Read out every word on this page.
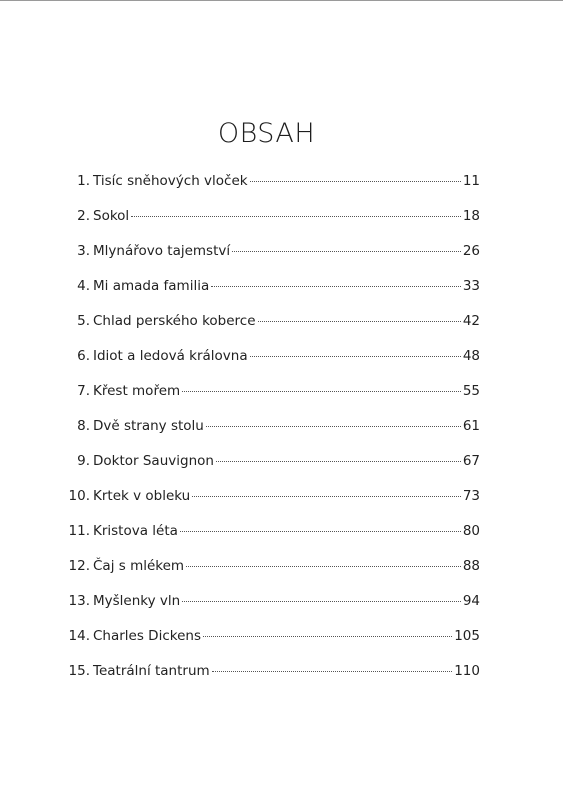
OBSAH
1. Tisíc sněhových vloček	11
2. Sokol	18
3. Mlynářovo tajemství	26
4. Mi amada familia	33
5. Chlad perského koberce	42
6. Idiot a ledová královna	48
7. Křest mořem	55
8. Dvě strany stolu	61
9. Doktor Sauvignon	67
10. Krtek v obleku	73
11. Kristova léta	80
12. Čaj s mlékem	88
13. Myšlenky vln	94
14. Charles Dickens	105
15. Teatrální tantrum	110
